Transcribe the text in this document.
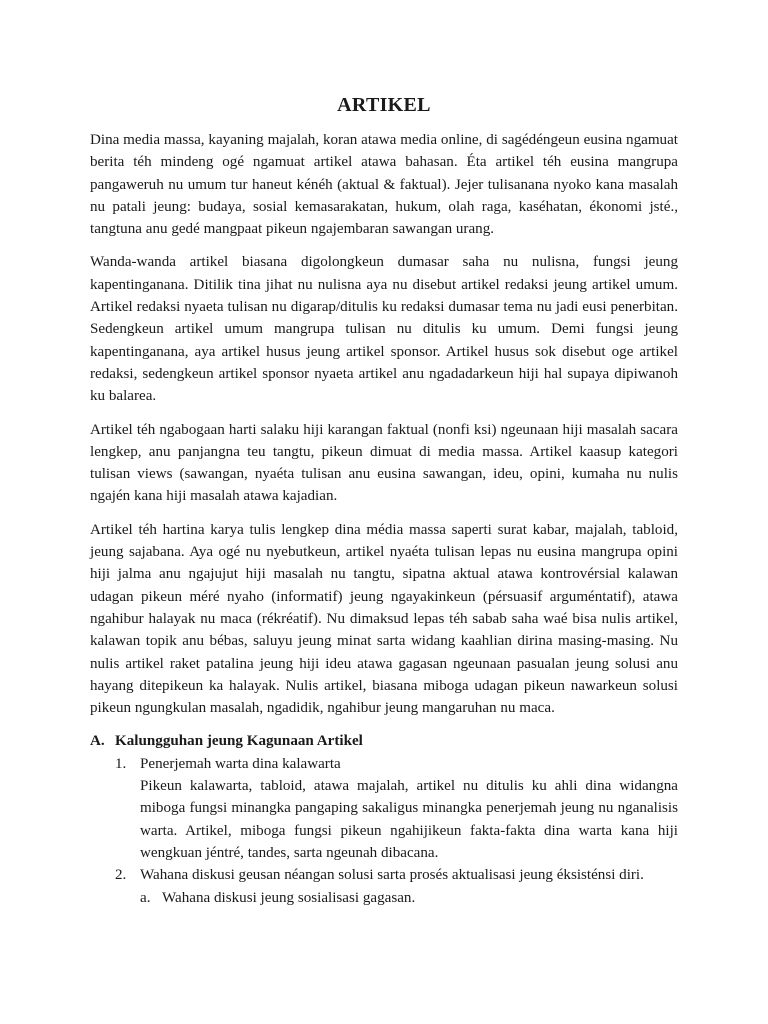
ARTIKEL

Dina media massa, kayaning majalah, koran atawa media online, di sagédéngeun eusina ngamuat berita téh mindeng ogé ngamuat artikel atawa bahasan. Éta artikel téh eusina mangrupa pangaweruh nu umum tur haneut kénéh (aktual & faktual). Jejer tulisanana nyoko kana masalah nu patali jeung: budaya, sosial kemasarakatan, hukum, olah raga, kaséhatan, ékonomi jsté., tangtuna anu gedé mangpaat pikeun ngajembaran sawangan urang.

Wanda-wanda artikel biasana digolongkeun dumasar saha nu nulisna, fungsi jeung kapentinganana. Ditilik tina jihat nu nulisna aya nu disebut artikel redaksi jeung artikel umum. Artikel redaksi nyaeta tulisan nu digarap/ditulis ku redaksi dumasar tema nu jadi eusi penerbitan. Sedengkeun artikel umum mangrupa tulisan nu ditulis ku umum. Demi fungsi jeung kapentinganana, aya artikel husus jeung artikel sponsor. Artikel husus sok disebut oge artikel redaksi, sedengkeun artikel sponsor nyaeta artikel anu ngadadarkeun hiji hal supaya dipiwanoh ku balarea.

Artikel téh ngabogaan harti salaku hiji karangan faktual (nonfi ksi) ngeunaan hiji masalah sacara lengkep, anu panjangna teu tangtu, pikeun dimuat di media massa. Artikel kaasup kategori tulisan views (sawangan, nyaéta tulisan anu eusina sawangan, ideu, opini, kumaha nu nulis ngajén kana hiji masalah atawa kajadian.

Artikel téh hartina karya tulis lengkep dina média massa saperti surat kabar, majalah, tabloid, jeung sajabana. Aya ogé nu nyebutkeun, artikel nyaéta tulisan lepas nu eusina mangrupa opini hiji jalma anu ngajujut hiji masalah nu tangtu, sipatna aktual atawa kontrovérsial kalawan udagan pikeun méré nyaho (informatif) jeung ngayakinkeun (pérsuasif arguméntatif), atawa ngahibur halayak nu maca (rékréatif). Nu dimaksud lepas téh sabab saha waé bisa nulis artikel, kalawan topik anu bébas, saluyu jeung minat sarta widang kaahlian dirina masing-masing. Nu nulis artikel raket patalina jeung hiji ideu atawa gagasan ngeunaan pasualan jeung solusi anu hayang ditepikeun ka halayak. Nulis artikel, biasana miboga udagan pikeun nawarkeun solusi pikeun ngungkulan masalah, ngadidik, ngahibur jeung mangaruhan nu maca.

A. Kalungguhan jeung Kagunaan Artikel
1. Penerjemah warta dina kalawarta
Pikeun kalawarta, tabloid, atawa majalah, artikel nu ditulis ku ahli dina widangna miboga fungsi minangka pangaping sakaligus minangka penerjemah jeung nu nganalisis warta. Artikel, miboga fungsi pikeun ngahijikeun fakta-fakta dina warta kana hiji wengkuan jéntré, tandes, sarta ngeunah dibacana.
2. Wahana diskusi geusan néangan solusi sarta prosés aktualisasi jeung éksisténsi diri.
a. Wahana diskusi jeung sosialisasi gagasan.
